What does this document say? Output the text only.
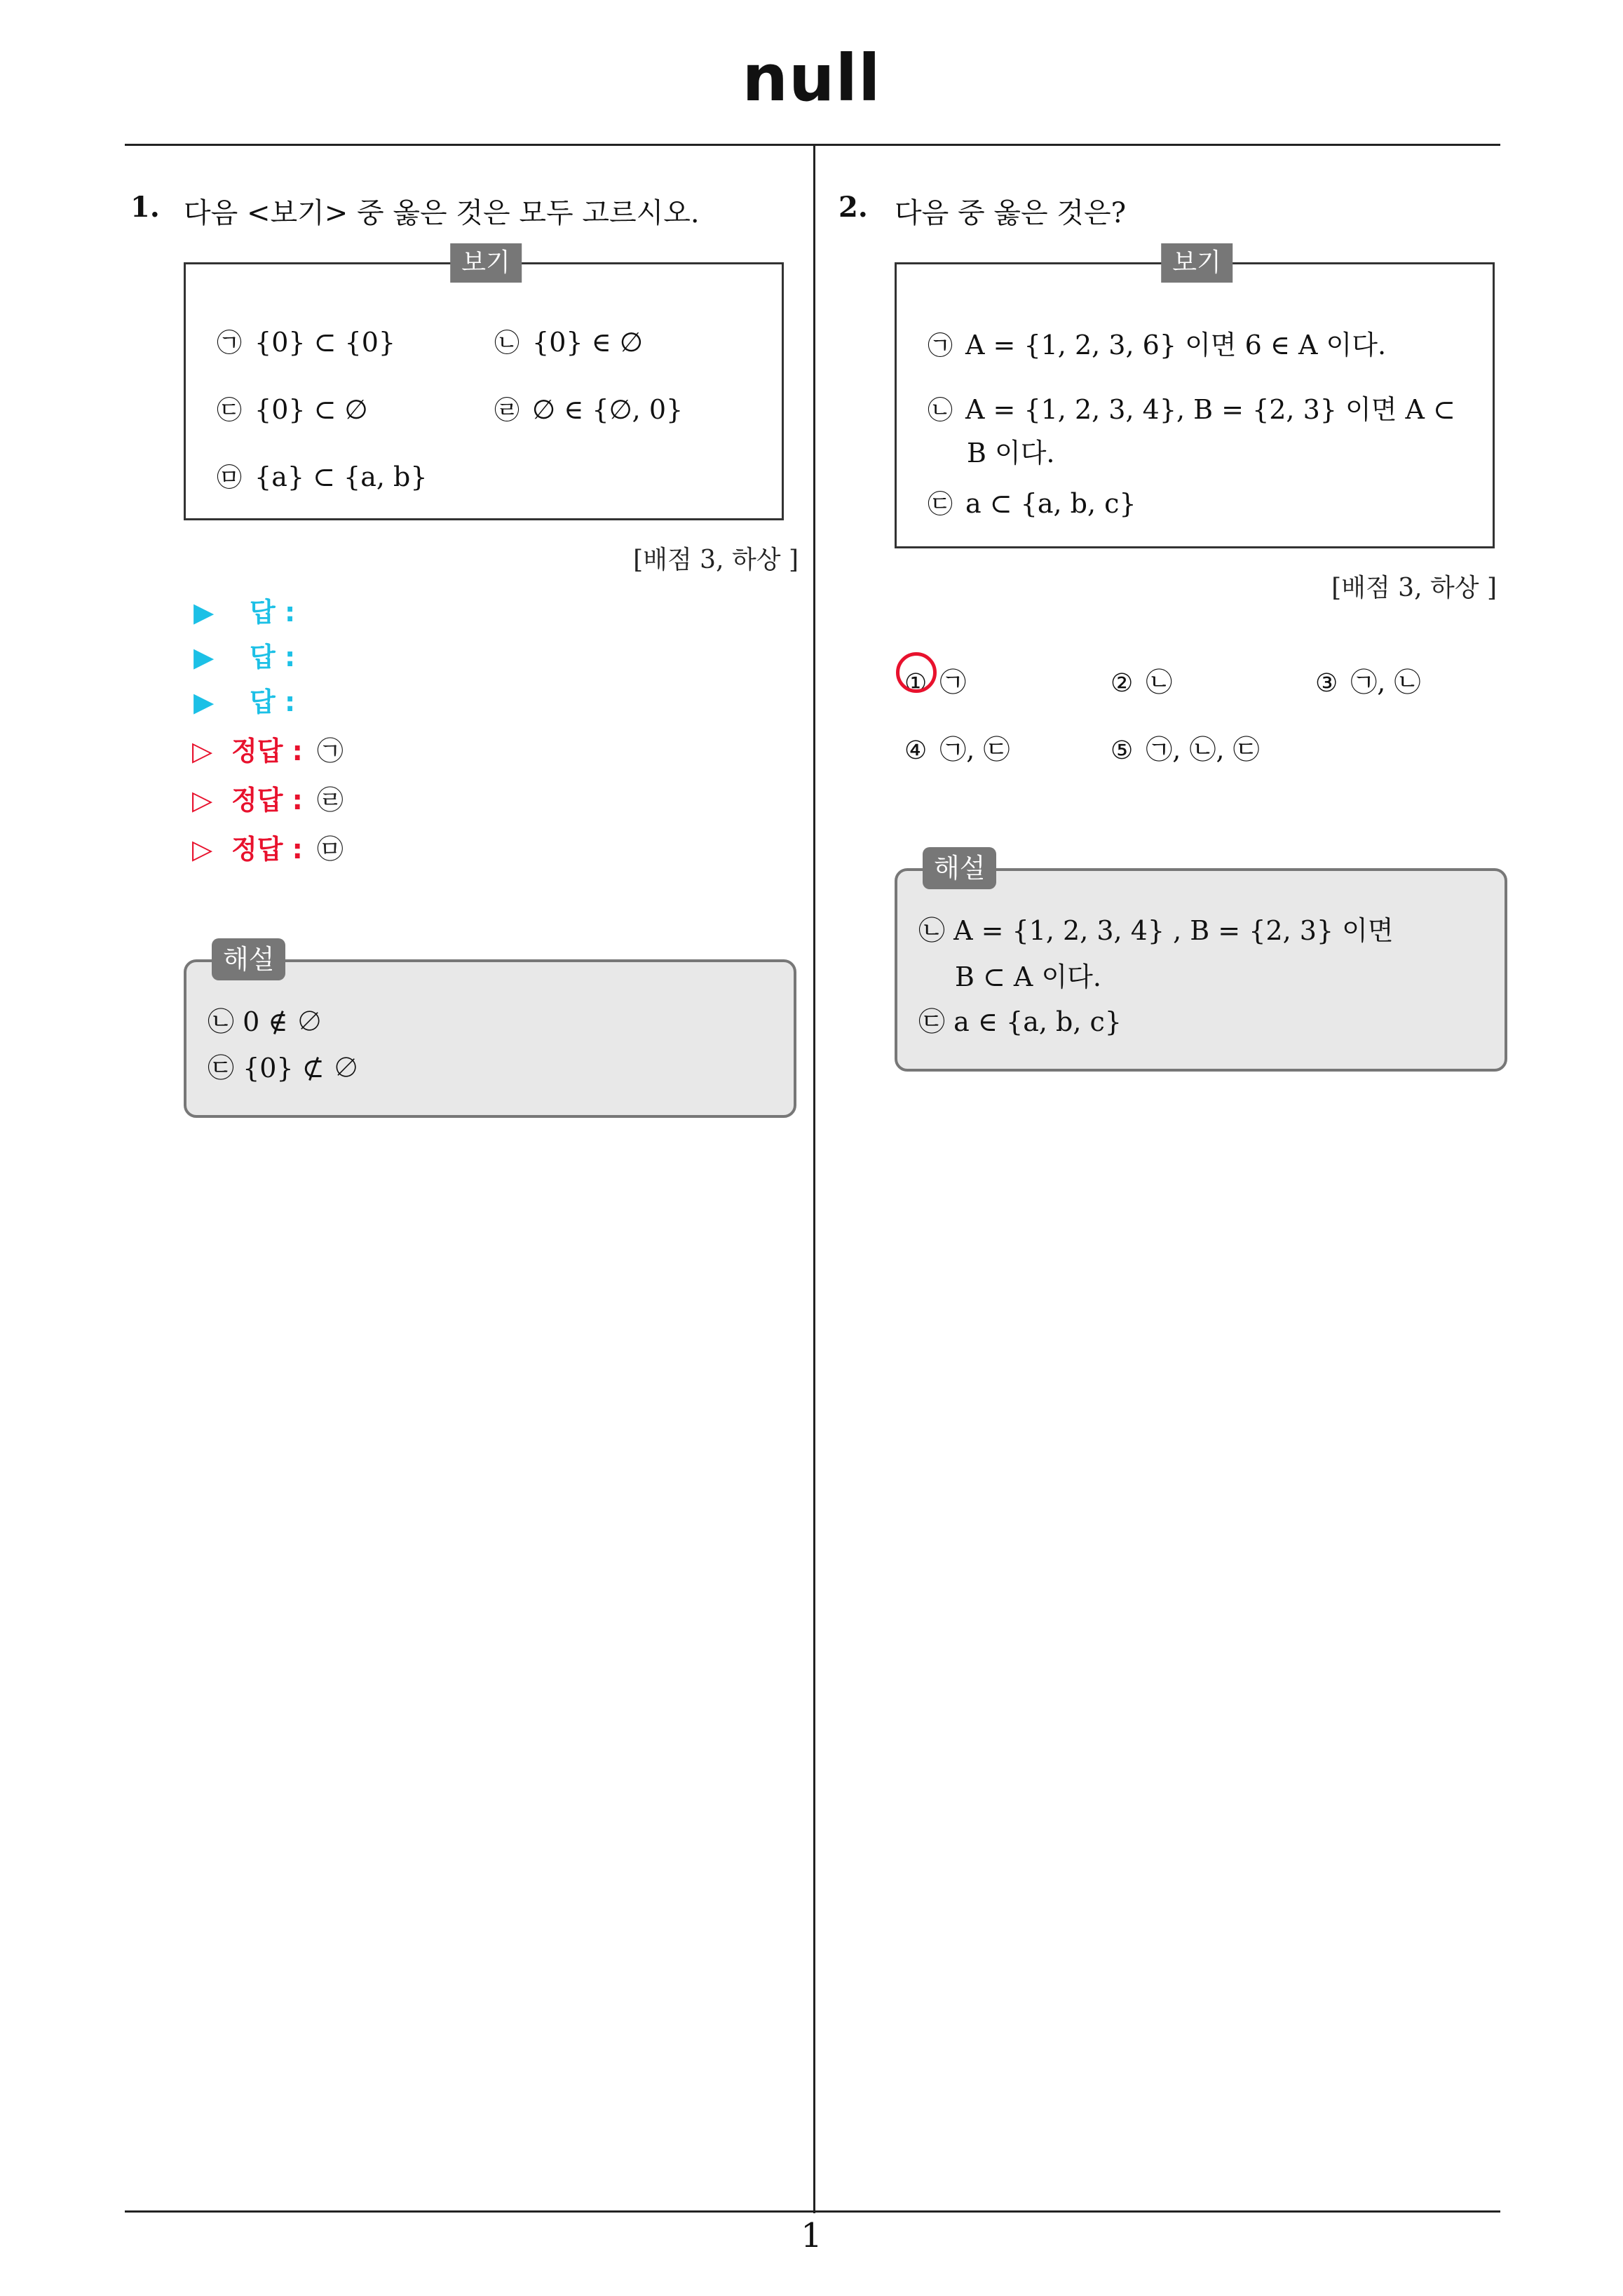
null
1
1. 다음 <보기> 중 옳은 것은 모두 고르시오.
보기
㉠ {0} ⊂ {0}	㉡ {0} ∈ ∅
㉢ {0} ⊂ ∅	㉣ ∅ ∈ {∅, 0}
㉤ {a} ⊂ {a, b}
[배점 3, 하상 ]
▶ 답 :
▶ 답 :
▶ 답 :
▷ 정답 : ㉠
▷ 정답 : ㉣
▷ 정답 : ㉤
해설
㉡ 0 ∉ ∅
㉢ {0} ⊄ ∅
2. 다음 중 옳은 것은?
보기
㉠ A = {1, 2, 3, 6} 이면 6 ∈ A 이다.
㉡ A = {1, 2, 3, 4}, B = {2, 3} 이면 A ⊂
B 이다.
㉢ a ⊂ {a, b, c}
[배점 3, 하상 ]
① ㉠	② ㉡	③ ㉠, ㉡
④ ㉠, ㉢	⑤ ㉠, ㉡, ㉢
해설
㉡ A = {1, 2, 3, 4} , B = {2, 3} 이면
B ⊂ A 이다.
㉢ a ∈ {a, b, c}
